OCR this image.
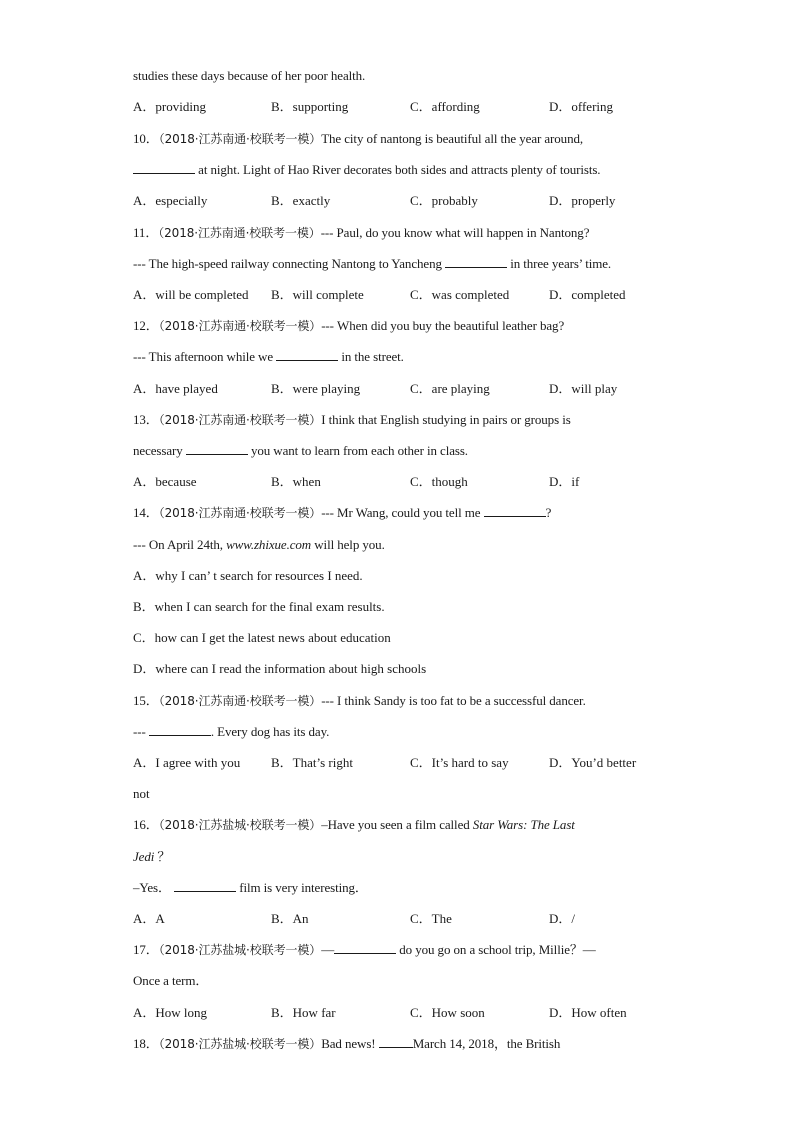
studies these days because of her poor health.
A．providing	B．supporting	C．affording	D．offering
10．（2018·江苏南通·校联考一模）The city of nantong is beautiful all the year around,
at night. Light of Hao River decorates both sides and attracts plenty of tourists.
A．especially	B．exactly	C．probably	D．properly
11．（2018·江苏南通·校联考一模）--- Paul, do you know what will happen in Nantong?
--- The high-speed railway connecting Nantong to Yancheng	in three years’ time.
A．will be completed B．will complete	C．was completed	D．completed
12．（2018·江苏南通·校联考一模）--- When did you buy the beautiful leather bag?
--- This afternoon while we	in the street.
A．have played	B．were playing	C．are playing	D．will play
13．（2018·江苏南通·校联考一模）I think that English studying in pairs or groups is
necessary	you want to learn from each other in class.
A．because	B．when	C．though	D．if
14．（2018·江苏南通·校联考一模）--- Mr Wang, could you tell me	?
--- On April 24th, www.zhixue.com will help you.
A．why I can’ t search for resources I need.
B．when I can search for the final exam results.
C．how can I get the latest news about education
D．where can I read the information about high schools
15．（2018·江苏南通·校联考一模）--- I think Sandy is too fat to be a successful dancer.
---	. Every dog has its day.
A．I agree with you B．That’s right	C．It’s hard to say	D．You’d better
not
16．（2018·江苏盐城·校联考一模）–Have you seen a film called Star Wars: The Last
Jedi ？
–Yes．	film is very interesting．
A．A	B．An	C．The	D．/
17．（2018·江苏盐城·校联考一模）—	do you go on a school trip, Millie？—
Once a term．
A．How long	B．How far	C．How soon	D．How often
18．（2018·江苏盐城·校联考一模）Bad news!	March 14, 2018，the British
